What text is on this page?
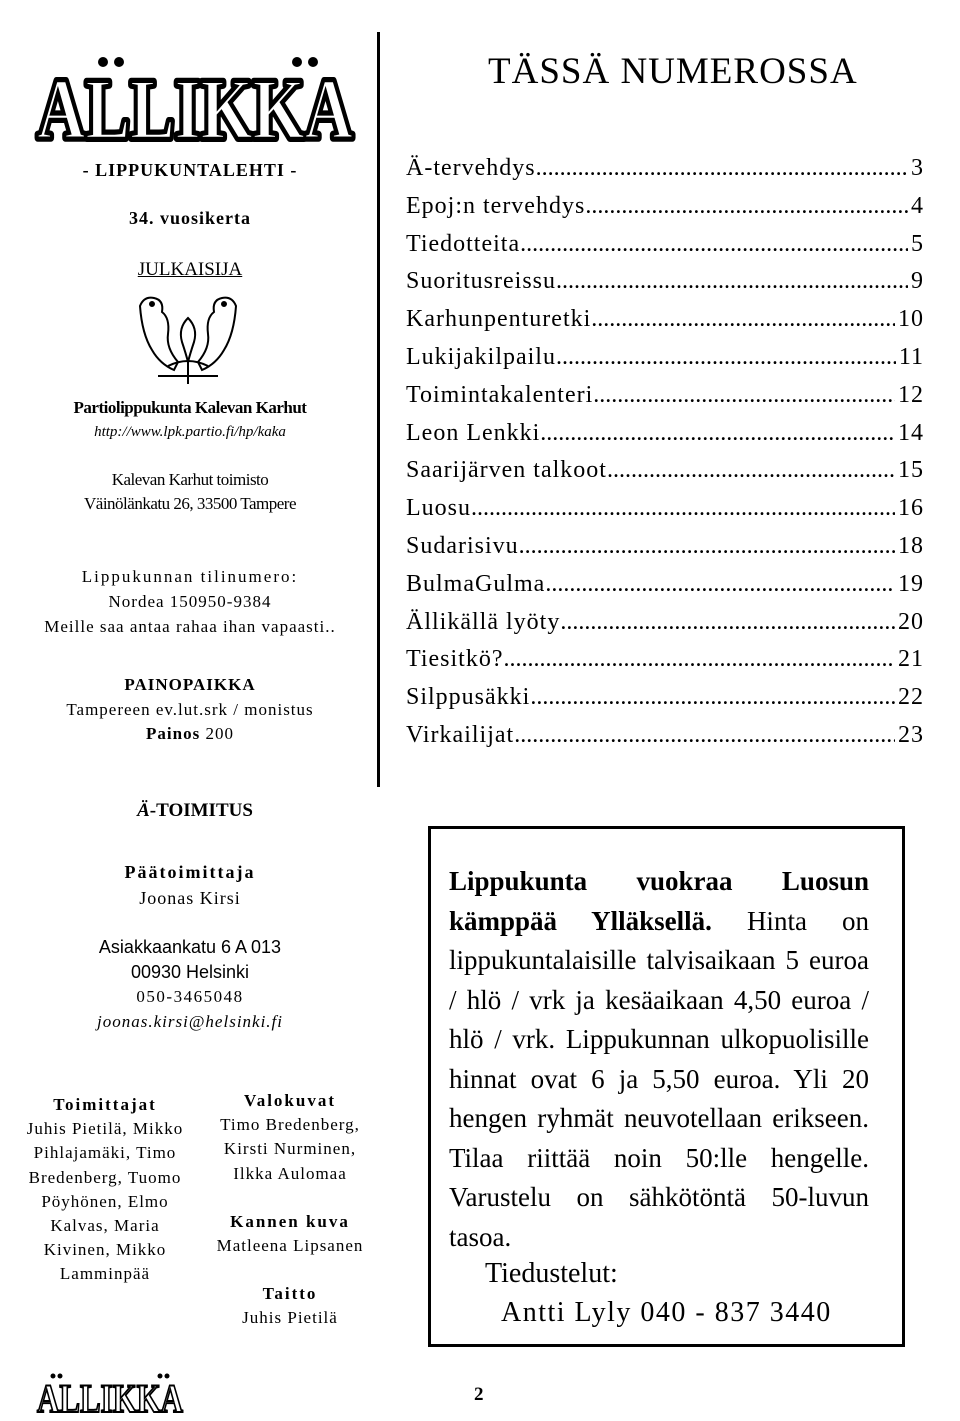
ALLIKKA
ALLIKKA
- LIPPUKUNTALEHTI -
34. vuosikerta
JULKAISIJA
Partiolippukunta Kalevan Karhut
http://www.lpk.partio.fi/hp/kaka
Kalevan Karhut toimisto
Väinölänkatu 26, 33500 Tampere
Lippukunnan tilinumero:
Nordea 150950-9384
Meille saa antaa rahaa ihan vapaasti..
PAINOPAIKKA
Tampereen ev.lut.srk / monistus
Painos 200
TÄSSÄ NUMEROSSA
Ä-tervehdys .....	3
Epoj:n tervehdys .....	4
Tiedotteita .....	5
Suoritusreissu .....	9
Karhunpenturetki .....	10
Lukijakilpailu .....	11
Toimintakalenteri .....	12
Leon Lenkki .....	14
Saarijärven talkoot .....	15
Luosu .....	16
Sudarisivu .....	18
BulmaGulma .....	19
Ällikällä lyöty .....	20
Tiesitkö? .....	21
Silppusäkki .....	22
Virkailijat .....	23
Ä-TOIMITUS
Päätoimittaja
Joonas Kirsi
Asiakkaankatu 6 A 013
00930 Helsinki
050-3465048
joonas.kirsi@helsinki.fi
Toimittajat
Juhis Pietilä, Mikko
Pihlajamäki, Timo
Bredenberg, Tuomo
Pöyhönen, Elmo
Kalvas, Maria
Kivinen, Mikko
Lamminpää
Valokuvat
Timo Bredenberg,
Kirsti Nurminen,
Ilkka Aulomaa
Kannen kuva
Matleena Lipsanen
Taitto
Juhis Pietilä
Lippukunta vuokraa Luosun kämppää Ylläksellä. Hinta on lippukuntalaisille talvisaikaan 5 euroa / hlö / vrk ja kesäaikaan 4,50 euroa / hlö / vrk. Lippukunnan ulkopuolisille hinnat ovat 6 ja 5,50 euroa. Yli 20 hengen ryhmät neuvotellaan erikseen. Tilaa riittää noin 50:lle hengelle. Varustelu on sähkötöntä 50-luvun tasoa.
Tiedustelut:
Antti Lyly 040 - 837 3440
ALLIKKA	2
